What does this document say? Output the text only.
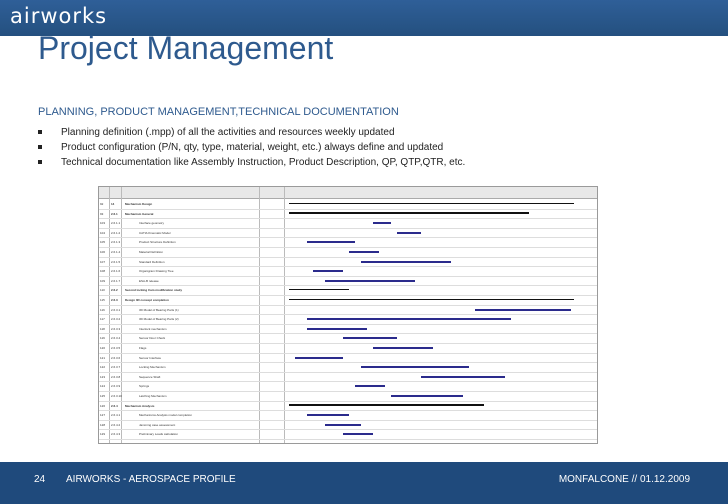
airworks
Project Management
PLANNING, PRODUCT MANAGEMENT,TECHNICAL DOCUMENTATION
Planning definition (.mpp) of all the activities and resources weekly updated
Product configuration (P/N, qty, type, material, weight, etc.) always define and updated
Technical documentation like Assembly Instruction, Product Description, QP, QTP,QTR, etc.
92	14	Mechanism Design
93	2.6.1 Mechanism General
103 2.6.1.1	Interface geometry
104 2.6.1.2	CATIA Kinematic Model
105 2.6.1.3	Product Structure Definition
106 2.6.1.4	Material Definition
107 2.6.1.5	Standard Definition
108 2.6.1.6	Organigram Drawing Tree
109 2.6.1.7	ESA-B release
110 2.6.2 Second locking Cam modification study
115 2.6.3 Design 3D concept completion
116 2.6.3.1	3D Model of Bearing Parts (1)
117 2.6.3.2	3D Model of Bearing Parts (2)
118 2.6.3.3	Interlock mechanism
119 2.6.3.4	Sensor Door Check
120 2.6.3.5	Flags
121 2.6.3.6	Sensor Interface
122 2.6.3.7	Locking Mechanism
123 2.6.3.8	Sequence Shaft
124 2.6.3.9	Springs
125 2.6.3.10	Latching Mechanism
126 2.6.4 Mechanism Analysis
127 2.6.4.1	Mechanisms Analysis model completion
128 2.6.4.2	Jamming case assessment
129 2.6.4.3	Preliminary Loads calculation
24 AIRWORKS - AEROSPACE PROFILE	MONFALCONE // 01.12.2009
